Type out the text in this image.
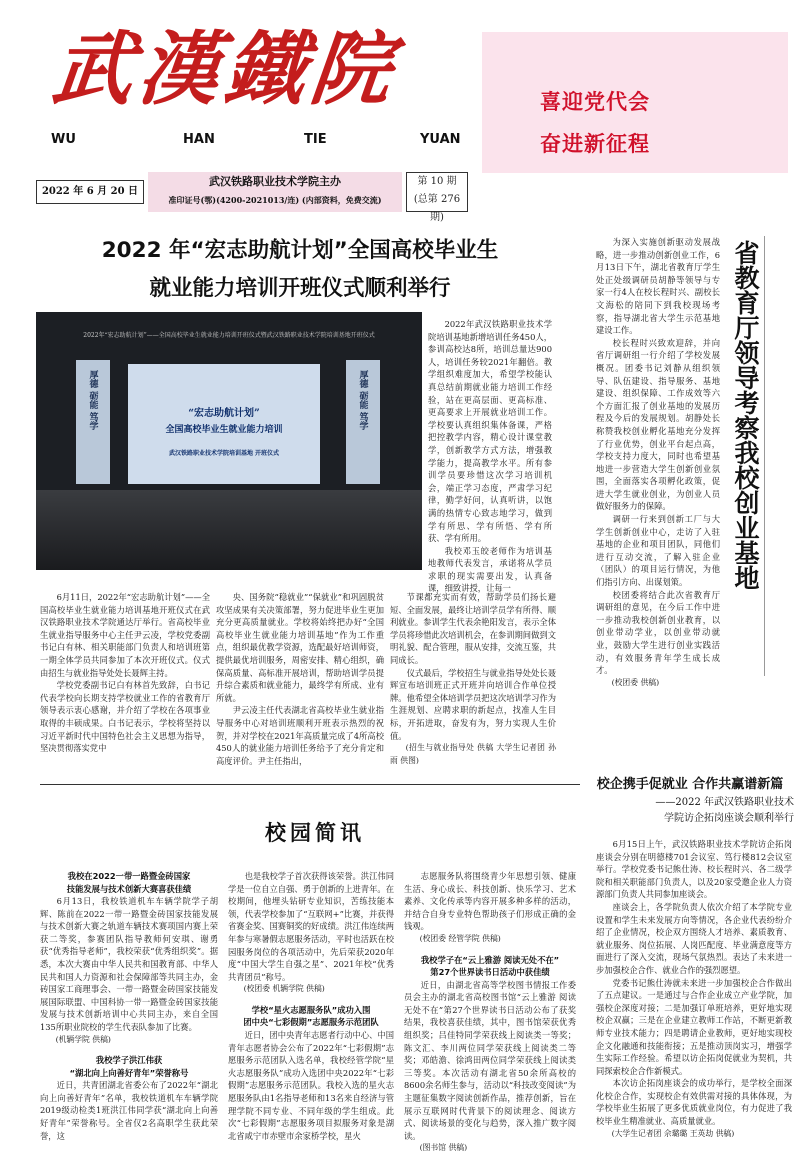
武漢鐵院
WU	HAN	TIE	YUAN
喜迎党代会
奋进新征程
2022 年 6 月 20 日
武汉铁路职业技术学院主办
准印证号(鄂)(4200-2021013/连) (内部资料，免费交流)
第 10 期
(总第 276 期)
2022 年“宏志助航计划”全国高校毕业生
就业能力培训开班仪式顺利举行
2022年“宏志助航计划”——全国高校毕业生就业能力培训开班仪式暨武汉铁路职业技术学院培训基地开班仪式
厚德 砺能 笃学	“宏志助航计划”
全国高校毕业生就业能力培训
武汉铁路职业技术学院培训基地 开班仪式
厚德 砺能 笃学

2022年武汉铁路职业技术学院培训基地新增培训任务450人，参训高校达8所，培训总量达900人，培训任务较2021年翻倍。教学组织难度加大，希望学校能认真总结前期就业能力培训工作经验，站在更高层面、更高标准、更高要求上开展就业培训工作。学校要认真组织集体备课，严格把控教学内容，精心设计课堂教学，创新教学方式方法，增强教学能力，提高教学水平。所有参训学员要珍惜这次学习培训机会，端正学习态度，严肃学习纪律，勤学好问，认真听讲，以饱满的热情专心致志地学习，做到学有所思、学有所悟、学有所获、学有所用。

我校邓玉皎老师作为培训基地教师代表发言，承诺将从学员求职的现实需要出发，认真备课，细致讲授，让每一

6月11日，2022年“宏志助航计划”——全国高校毕业生就业能力培训基地开班仪式在武汉铁路职业技术学院通达厅举行。省高校毕业生就业指导服务中心主任尹云凌，学校党委副书记白有林、相关职能部门负责人和培训班第一期全体学员共同参加了本次开班仪式。仪式由招生与就业指导处处长聂辉主持。

学校党委副书记白有林首先致辞，白书记代表学校向长期支持学校就业工作的省教育厅领导表示衷心感谢，并介绍了学校在各项事业取得的丰硕成果。白书记表示，学校将坚持以习近平新时代中国特色社会主义思想为指导，坚决贯彻落实党中

央、国务院“稳就业”“保就业”和巩固脱贫攻坚成果有关决策部署，努力促进毕业生更加充分更高质量就业。学校将始终把办好“全国高校毕业生就业能力培训基地”作为工作重点，组织最优教学资源，选配最好培训师资，提供最优培训服务，周密安排、精心组织，确保高质量、高标准开展培训，帮助培训学员提升综合素质和就业能力，最终学有所成、业有所就。

尹云凌主任代表湖北省高校毕业生就业指导服务中心对培训班顺利开班表示热烈的祝贺，并对学校在2021年高质量完成了4所高校450人的就业能力培训任务给予了充分肯定和高度评价。尹主任指出，

节课都充实而有效，帮助学员们扬长避短、全面发展，最终让培训学员学有所得、顺利就业。参训学生代表余艳阳发言，表示全体学员将珍惜此次培训机会，在参训期间做到文明礼貌、配合管理，服从安排，交流互鉴，共同成长。

仪式最后，学校招生与就业指导处处长聂辉宣布培训班正式开班并向培训合作单位授牌。他希望全体培训学员把这次培训学习作为生涯规划、应聘求职的新起点，找准人生目标，开拓进取，奋发有为，努力实现人生价值。

(招生与就业指导处 供稿 大学生记者团 孙雨 供图)

省教育厅领导考察我校创业基地

为深入实施创新驱动发展战略，进一步推动创新创业工作，6月13日下午，湖北省教育厅学生处正处级调研员胡静等领导与专家一行4人在校长程时兴、副校长文海松的陪同下到我校现场考察，指导湖北省大学生示范基地建设工作。

校长程时兴致欢迎辞，并向省厅调研组一行介绍了学校发展概况。团委书记刘静从组织领导、队伍建设、指导服务、基地建设、组织保障、工作成效等六个方面汇报了创业基地的发展历程及今后的发展规划。胡静处长称赞我校创业孵化基地充分发挥了行业优势，创业平台起点高，学校支持力度大，同时也希望基地进一步营造大学生创新创业氛围，全面落实各项孵化政策，促进大学生就业创业，为创业人员做好服务力的保障。

调研一行来到创新工厂与大学生创新创业中心，走访了入驻基地的企业和项目团队，同他们进行互动交流，了解入驻企业（团队）的项目运行情况，为他们指引方向、出谋划策。

校团委将结合此次省教育厅调研组的意见，在今后工作中进一步推动我校创新创业教育，以创业带动学业，以创业带动就业，鼓励大学生进行创业实践活动，有效服务青年学生成长成才。

(校团委 供稿)

校企携手促就业 合作共赢谱新篇
——2022 年武汉铁路职业技术
学院访企拓岗座谈会顺利举行

6月15日上午，武汉铁路职业技术学院访企拓岗座谈会分别在明德楼701会议室、笃行楼812会议室举行。学校党委书记熊仕涛、校长程时兴、各二级学院和相关职能部门负责人，以及20家受邀企业人力资源部门负责人共同参加座谈会。

座谈会上，各学院负责人依次介绍了本学院专业设置和学生未来发展方向等情况，各企业代表纷纷介绍了企业情况，校企双方围绕人才培养、素质教育、就业服务、岗位拓展、人岗匹配度、毕业满意度等方面进行了深入交流，现场气氛热烈。表达了未来进一步加强校企合作、就业合作的强烈愿望。

党委书记熊仕涛就未来进一步加强校企合作做出了五点建议。一是通过与合作企业成立产业学院，加强校企深度对接；二是加强订单班培养，更好地实现校企双赢；三是在企业建立教师工作站，不断更新教师专业技术能力；四是聘请企业教师，更好地实现校企文化融通和技能衔接；五是推动顶岗实习，增强学生实际工作经验。希望以访企拓岗促就业为契机，共同探索校企合作新模式。

本次访企拓岗座谈会的成功举行，是学校全面深化校企合作，实现校企有效供需对接的具体体现，为学校毕业生拓展了更多优质就业岗位，有力促进了我校毕业生精准就业、高质量就业。

(大学生记者团 佘璐璐 王英劫 供稿)

校园简讯
我校在2022一带一路暨金砖国家
技能发展与技术创新大赛喜获佳绩

6月13日，我校铁道机车车辆学院学子胡辉、陈前在2022一带一路暨金砖国家技能发展与技术创新大赛之轨道车辆技术赛项国内赛上荣获二等奖，参赛团队指导教师何安琪、谢勇获“优秀指导老师”，我校荣获“优秀组织奖”。据悉，本次大赛由中华人民共和国教育部、中华人民共和国人力资源和社会保障部等共同主办，金砖国家工商理事会、一带一路暨金砖国家技能发展国际联盟、中国科协一带一路暨金砖国家技能发展与技术创新培训中心共同主办，来自全国135所职业院校的学生代表队参加了比赛。

(机辆学院 供稿)

我校学子洪江伟获
“湖北向上向善好青年”荣誉称号

近日，共青团湖北省委公布了2022年“湖北向上向善好青年”名单，我校铁道机车车辆学院2019级动检类1班洪江伟同学获“湖北向上向善好青年”荣誉称号。全省仅2名高职学生获此荣誉，这

也是我校学子首次获得该荣誉。洪江伟同学是一位自立自强、勇于创新的上进青年。在校期间，他埋头钻研专业知识，苦练技能本领，代表学校参加了“互联网+”比赛，并获得省赛金奖、国赛铜奖的好成绩。洪江伟连续两年参与寒暑假志愿服务活动，平时也活跃在校园服务岗位的各项活动中，先后荣获2020年度“中国大学生自强之星”、2021年校“优秀共青团员”称号。

(校团委 机辆学院 供稿)

学校“星火志愿服务队”成功入围
团中央“七彩假期”志愿服务示范团队

近日，团中央青年志愿者行动中心、中国青年志愿者协会公布了2022年“七彩假期”志愿服务示范团队入选名单，我校经管学院“星火志愿服务队”成功入选团中央2022年“七彩假期”志愿服务示范团队。我校入选的星火志愿服务队由1名指导老师和13名来自经济与管理学院不同专业、不同年级的学生组成。此次“七彩假期”志愿服务项目拟服务对象是湖北省咸宁市赤壁市余家桥学校，星火

志愿服务队将围绕青少年思想引领、健康生活、身心成长、科技创新、快乐学习、艺术素养、文化传承等内容开展多种多样的活动，并结合自身专业特色帮助孩子们形成正确的金钱观。

(校团委 经管学院 供稿)

我校学子在“云上雅游 阅读无处不在”
第27个世界读书日活动中获佳绩

近日，由湖北省高等学校图书情报工作委员会主办的湖北省高校图书馆“云上雅游 阅读无处不在”第27个世界读书日活动公布了获奖结果，我校喜获佳绩，其中，图书馆荣获优秀组织奖；吕佳特同学荣获线上阅读类一等奖；陈文汇、李川两位同学荣获线上阅读类二等奖；邓皓澹、徐鸿田两位同学荣获线上阅读类三等奖。本次活动有湖北省50余所高校的8600余名师生参与，活动以“科技改变阅读”为主题征集数字阅读创新作品，推荐创新，旨在展示互联网时代背景下的阅读理念、阅读方式、阅读场景的变化与趋势，深入推广数字阅读。

(图书馆 供稿)
